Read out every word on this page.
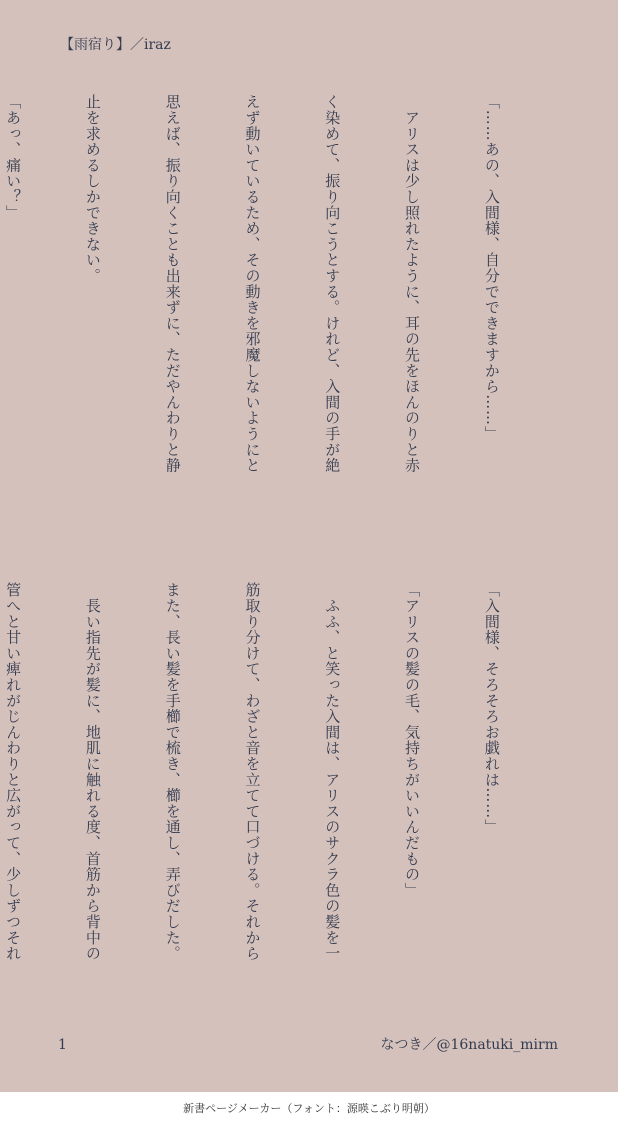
【雨宿り】／iraz

「……あの、入間様、自分でできますから……」

　アリスは少し照れたように、耳の先をほんのりと赤

く染めて、振り向こうとする。けれど、入間の手が絶

えず動いているため、その動きを邪魔しないようにと

思えば、振り向くことも出来ずに、ただやんわりと静

止を求めるしかできない。

「あっ、痛い？」

「入間様、そろそろお戯れは……」

「アリスの髪の毛、気持ちがいいんだもの」

　ふふ、と笑った入間は、アリスのサクラ色の髪を一

筋取り分けて、わざと音を立てて口づける。それから

また、長い髪を手櫛で梳き、櫛を通し、弄びだした。

　長い指先が髪に、地肌に触れる度、首筋から背中の

管へと甘い痺れがじんわりと広がって、少しずつそれ

1	なつき／@16natuki_mirm
新書ページメーカー（フォント：源暎こぶり明朝）
